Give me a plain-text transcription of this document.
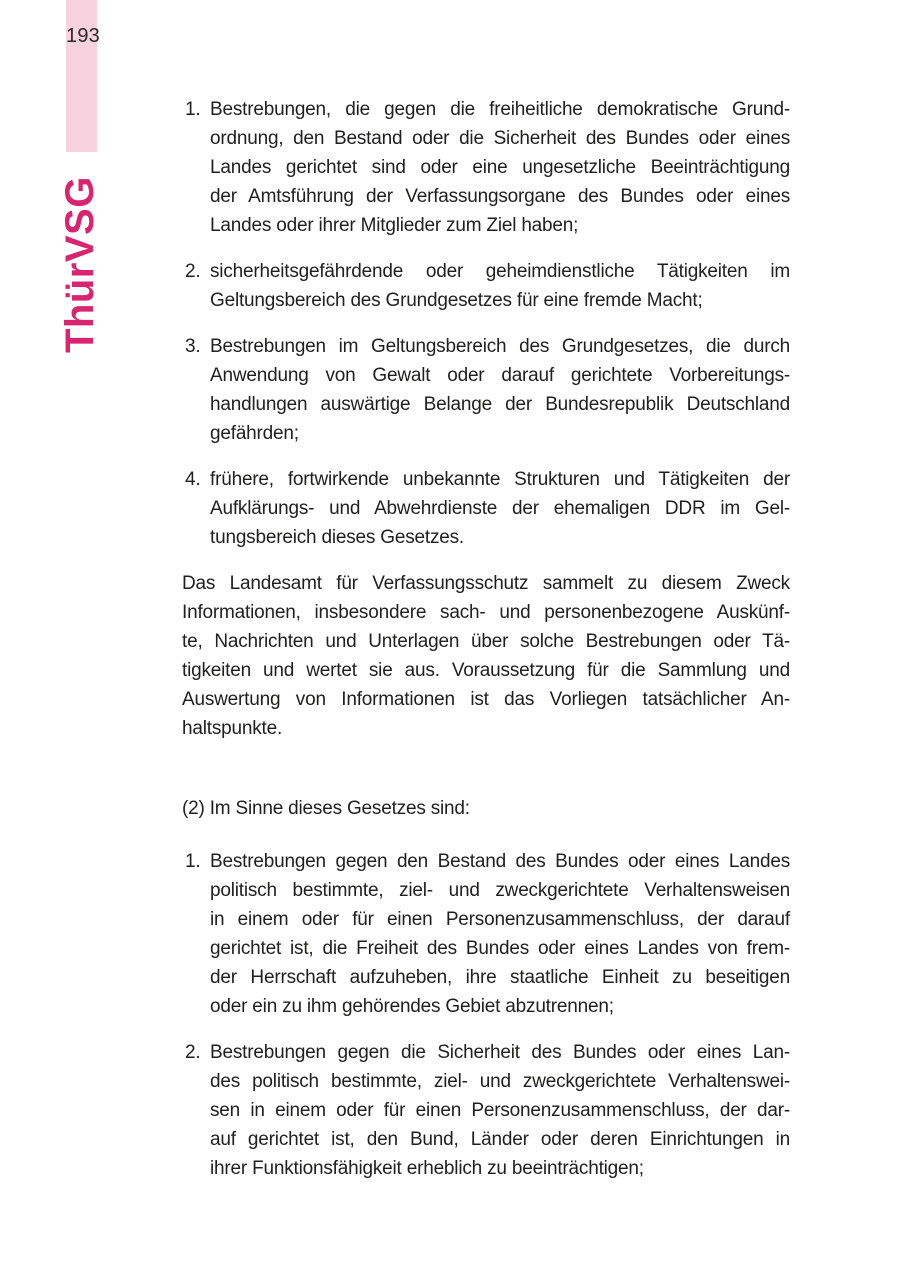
193
ThürVSG
1. Bestrebungen, die gegen die freiheitliche demokratische Grund-
ordnung, den Bestand oder die Sicherheit des Bundes oder eines
Landes gerichtet sind oder eine ungesetzliche Beeinträchtigung
der Amtsführung der Verfassungsorgane des Bundes oder eines
Landes oder ihrer Mitglieder zum Ziel haben;
2. sicherheitsgefährdende oder geheimdienstliche Tätigkeiten im
Geltungsbereich des Grundgesetzes für eine fremde Macht;
3. Bestrebungen im Geltungsbereich des Grundgesetzes, die durch
Anwendung von Gewalt oder darauf gerichtete Vorbereitungs-
handlungen auswärtige Belange der Bundesrepublik Deutschland
gefährden;
4. frühere, fortwirkende unbekannte Strukturen und Tätigkeiten der
Aufklärungs- und Abwehrdienste der ehemaligen DDR im Gel-
tungsbereich dieses Gesetzes.
Das Landesamt für Verfassungsschutz sammelt zu diesem Zweck
Informationen, insbesondere sach- und personenbezogene Auskünf-
te, Nachrichten und Unterlagen über solche Bestrebungen oder Tä-
tigkeiten und wertet sie aus. Voraussetzung für die Sammlung und
Auswertung von Informationen ist das Vorliegen tatsächlicher An-
haltspunkte.
(2) Im Sinne dieses Gesetzes sind:
1. Bestrebungen gegen den Bestand des Bundes oder eines Landes
politisch bestimmte, ziel- und zweckgerichtete Verhaltensweisen
in einem oder für einen Personenzusammenschluss, der darauf
gerichtet ist, die Freiheit des Bundes oder eines Landes von frem-
der Herrschaft aufzuheben, ihre staatliche Einheit zu beseitigen
oder ein zu ihm gehörendes Gebiet abzutrennen;
2. Bestrebungen gegen die Sicherheit des Bundes oder eines Lan-
des politisch bestimmte, ziel- und zweckgerichtete Verhaltenswei-
sen in einem oder für einen Personenzusammenschluss, der dar-
auf gerichtet ist, den Bund, Länder oder deren Einrichtungen in
ihrer Funktionsfähigkeit erheblich zu beeinträchtigen;
